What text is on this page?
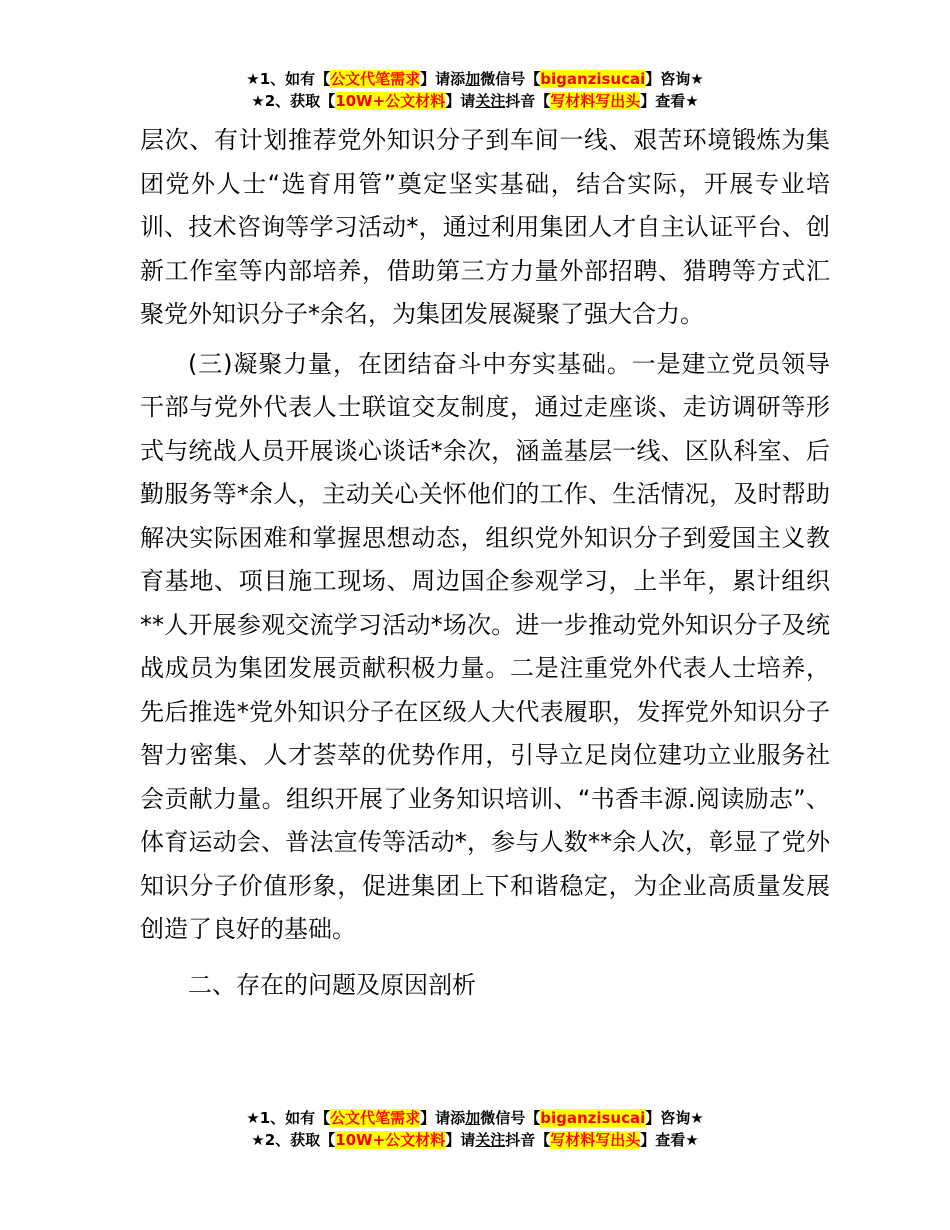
★1、如有【公文代笔需求】请添加微信号【biganzisucai】咨询★
★2、获取【10W+公文材料】请关注抖音【写材料写出头】查看★

层次、有计划推荐党外知识分子到车间一线、艰苦环境锻炼为集团党外人士“选育用管”奠定坚实基础，结合实际，开展专业培训、技术咨询等学习活动*，通过利用集团人才自主认证平台、创新工作室等内部培养，借助第三方力量外部招聘、猎聘等方式汇聚党外知识分子*余名，为集团发展凝聚了强大合力。

(三)凝聚力量，在团结奋斗中夯实基础。一是建立党员领导干部与党外代表人士联谊交友制度，通过走座谈、走访调研等形式与统战人员开展谈心谈话*余次，涵盖基层一线、区队科室、后勤服务等*余人，主动关心关怀他们的工作、生活情况，及时帮助解决实际困难和掌握思想动态，组织党外知识分子到爱国主义教育基地、项目施工现场、周边国企参观学习，上半年，累计组织**人开展参观交流学习活动*场次。进一步推动党外知识分子及统战成员为集团发展贡献积极力量。二是注重党外代表人士培养，先后推选*党外知识分子在区级人大代表履职，发挥党外知识分子智力密集、人才荟萃的优势作用，引导立足岗位建功立业服务社会贡献力量。组织开展了业务知识培训、“书香丰源.阅读励志”、体育运动会、普法宣传等活动*，参与人数**余人次，彰显了党外知识分子价值形象，促进集团上下和谐稳定，为企业高质量发展创造了良好的基础。

二、存在的问题及原因剖析

★1、如有【公文代笔需求】请添加微信号【biganzisucai】咨询★
★2、获取【10W+公文材料】请关注抖音【写材料写出头】查看★
